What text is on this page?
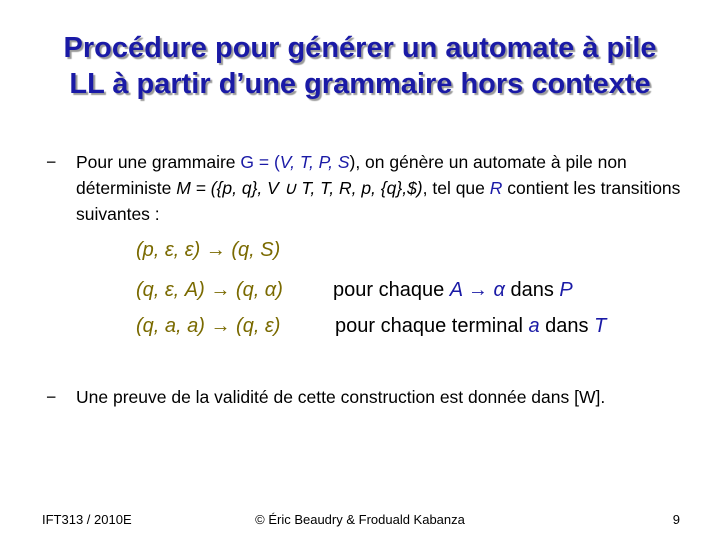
Procédure pour générer un automate à pile
LL à partir d’une grammaire hors contexte
− Pour une grammaire G = (V, T, P, S), on génère un automate à pile non déterministe M = ({p, q}, V ∪ T, T, R, p, {q},$), tel que R contient les transitions suivantes :
(p, ε, ε) → (q, S)
(q, ε, A) → (q, α)	pour chaque A → α dans P
(q, a, a) → (q, ε)	pour chaque terminal a dans T
− Une preuve de la validité de cette construction est donnée dans [W].
IFT313 / 2010E	© Éric Beaudry & Froduald Kabanza	9
